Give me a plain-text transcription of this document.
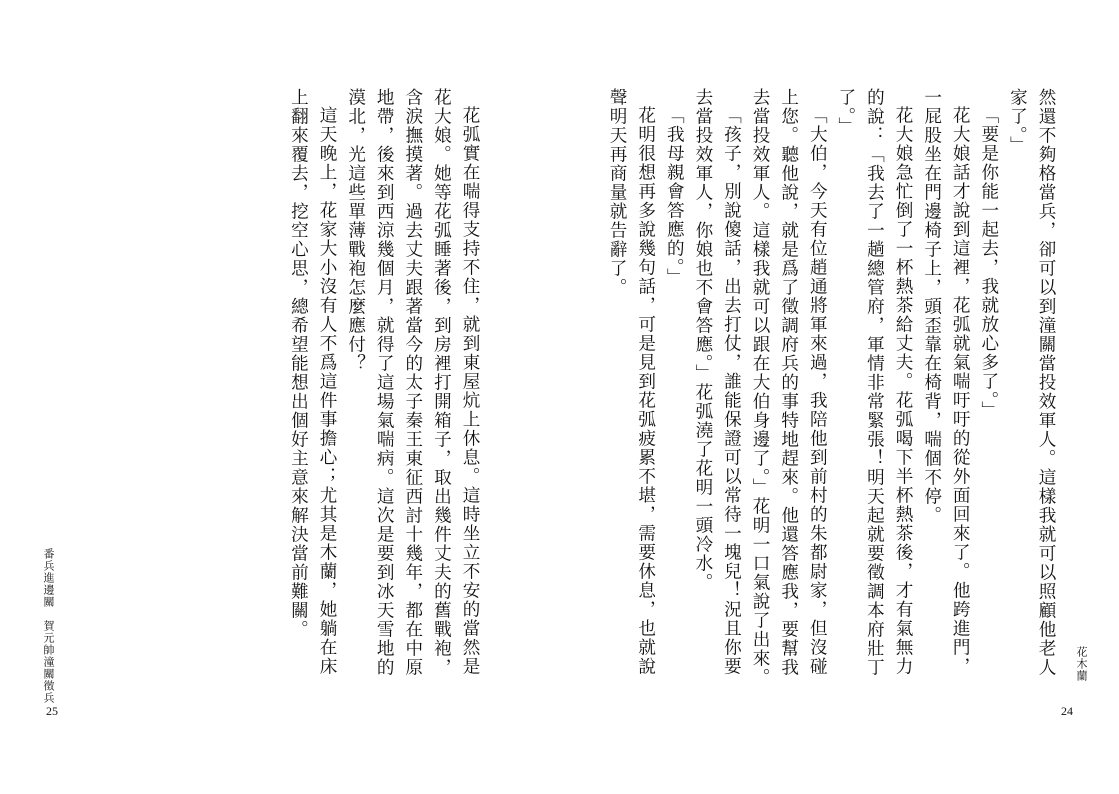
然還不夠格當兵，卻可以到潼關當投效軍人。這樣我就可以照顧他老人家了。」

「要是你能一起去，我就放心多了。」

花大娘話才說到這裡，花弧就氣喘吁吁的從外面回來了。他跨進門，一屁股坐在門邊椅子上，頭歪靠在椅背，喘個不停。

花大娘急忙倒了一杯熱茶給丈夫。花弧喝下半杯熱茶後，才有氣無力的說：「我去了一趟總管府，軍情非常緊張！明天起就要徵調本府壯丁了。」

「大伯，今天有位趙通將軍來過，我陪他到前村的朱都尉家，但沒碰上您。聽他說，就是爲了徵調府兵的事特地趕來。他還答應我，要幫我去當投效軍人。這樣我就可以跟在大伯身邊了。」花明一口氣說了出來。

「孩子，別說傻話，出去打仗，誰能保證可以常待一塊兒！況且你要去當投效軍人，你娘也不會答應。」花弧澆了花明一頭冷水。

「我母親會答應的。」

花明很想再多說幾句話，可是見到花弧疲累不堪，需要休息，也就說聲明天再商量就告辭了。

花木蘭
24

花弧實在喘得支持不住，就到東屋炕上休息。這時坐立不安的當然是花大娘。她等花弧睡著後，到房裡打開箱子，取出幾件丈夫的舊戰袍，含淚撫摸著。過去丈夫跟著當今的太子秦王東征西討十幾年，都在中原地帶，後來到西涼幾個月，就得了這場氣喘病。這次是要到冰天雪地的漠北，光這些單薄戰袍怎麼應付？

這天晚上，花家大小沒有人不爲這件事擔心；尤其是木蘭，她躺在床上翻來覆去，挖空心思，總希望能想出個好主意來解決當前難關。

番兵進邊關賀元帥潼關徵兵
25
